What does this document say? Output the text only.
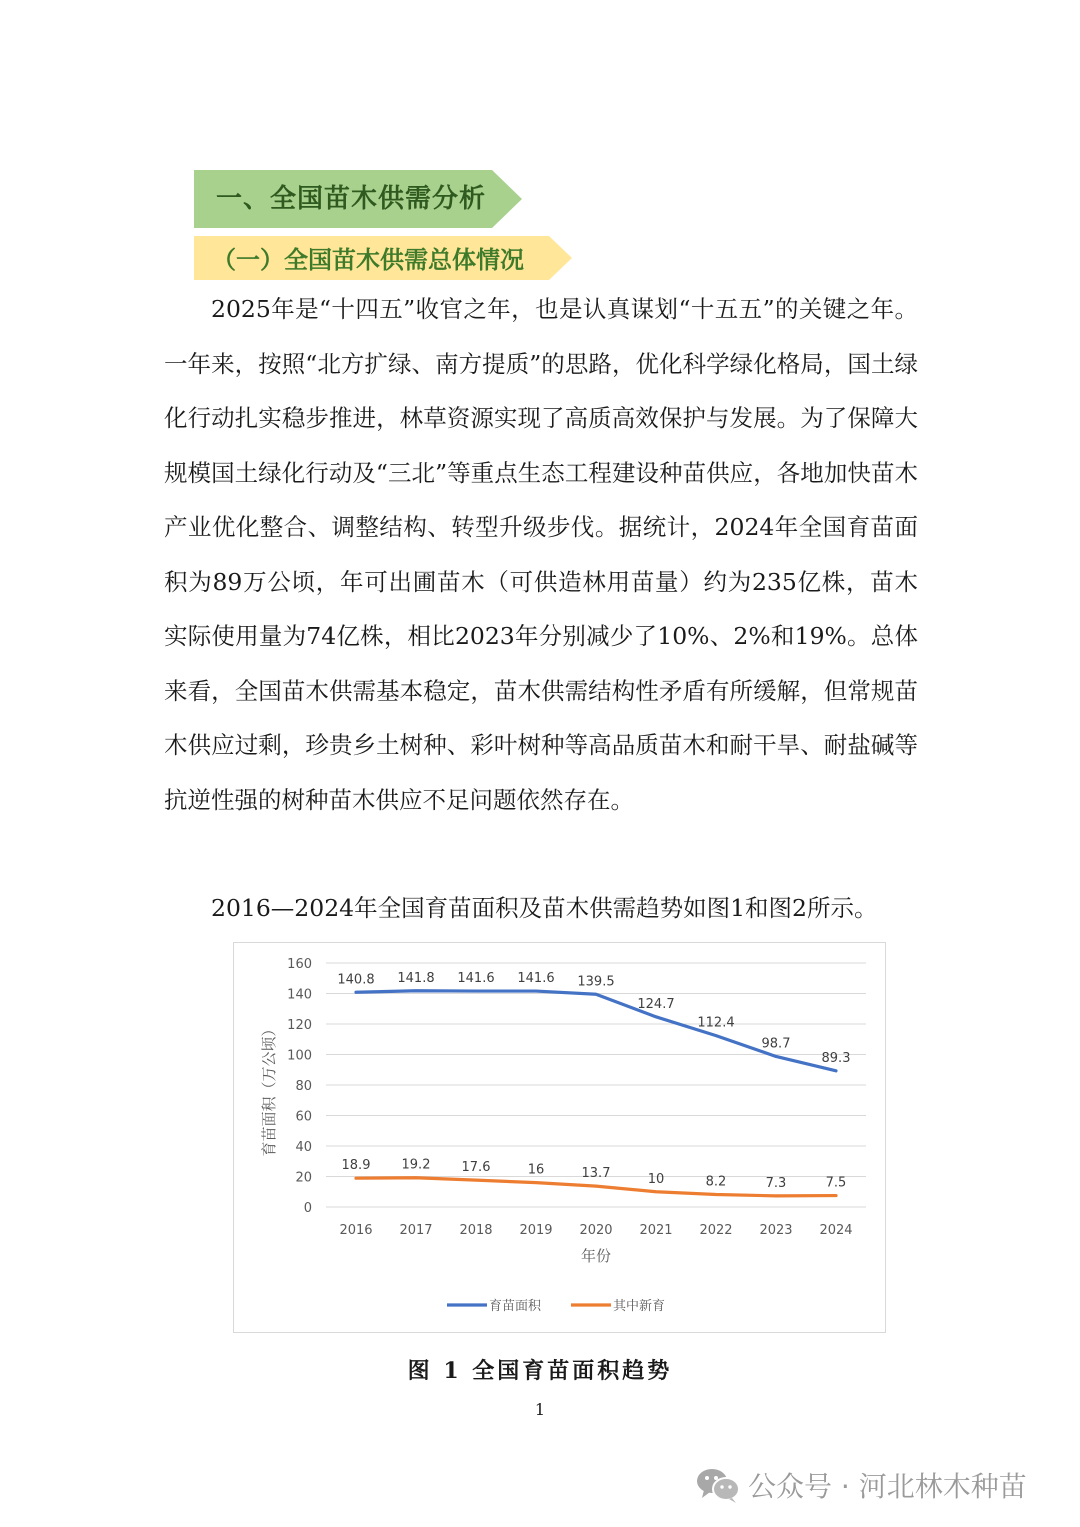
一、全国苗木供需分析
（一）全国苗木供需总体情况

2025年是“十四五”收官之年，也是认真谋划“十五五”的关键之年。一年来，按照“北方扩绿、南方提质”的思路，优化科学绿化格局，国土绿化行动扎实稳步推进，林草资源实现了高质高效保护与发展。为了保障大规模国土绿化行动及“三北”等重点生态工程建设种苗供应，各地加快苗木产业优化整合、调整结构、转型升级步伐。据统计，2024年全国育苗面积为89万公顷，年可出圃苗木（可供造林用苗量）约为235亿株，苗木实际使用量为74亿株，相比2023年分别减少了10%、2%和19%。总体来看，全国苗木供需基本稳定，苗木供需结构性矛盾有所缓解，但常规苗木供应过剩，珍贵乡土树种、彩叶树种等高品质苗木和耐干旱、耐盐碱等抗逆性强的树种苗木供应不足问题依然存在。

2016—2024年全国育苗面积及苗木供需趋势如图1和图2所示。

0
20
40
60
80
100
120
140
160
2016 2017 2018 2019 2020 2021 2022 2023 2024
年份
育苗面积（万公顷）
140.8 141.8 141.6 141.6 139.5
124.7
112.4
98.7
89.3
18.9 19.2 17.6	16	13.7	10	8.2	7.3	7.5
育苗面积	其中新育
图 1 全国育苗面积趋势
1
公众号 · 河北林木种苗
